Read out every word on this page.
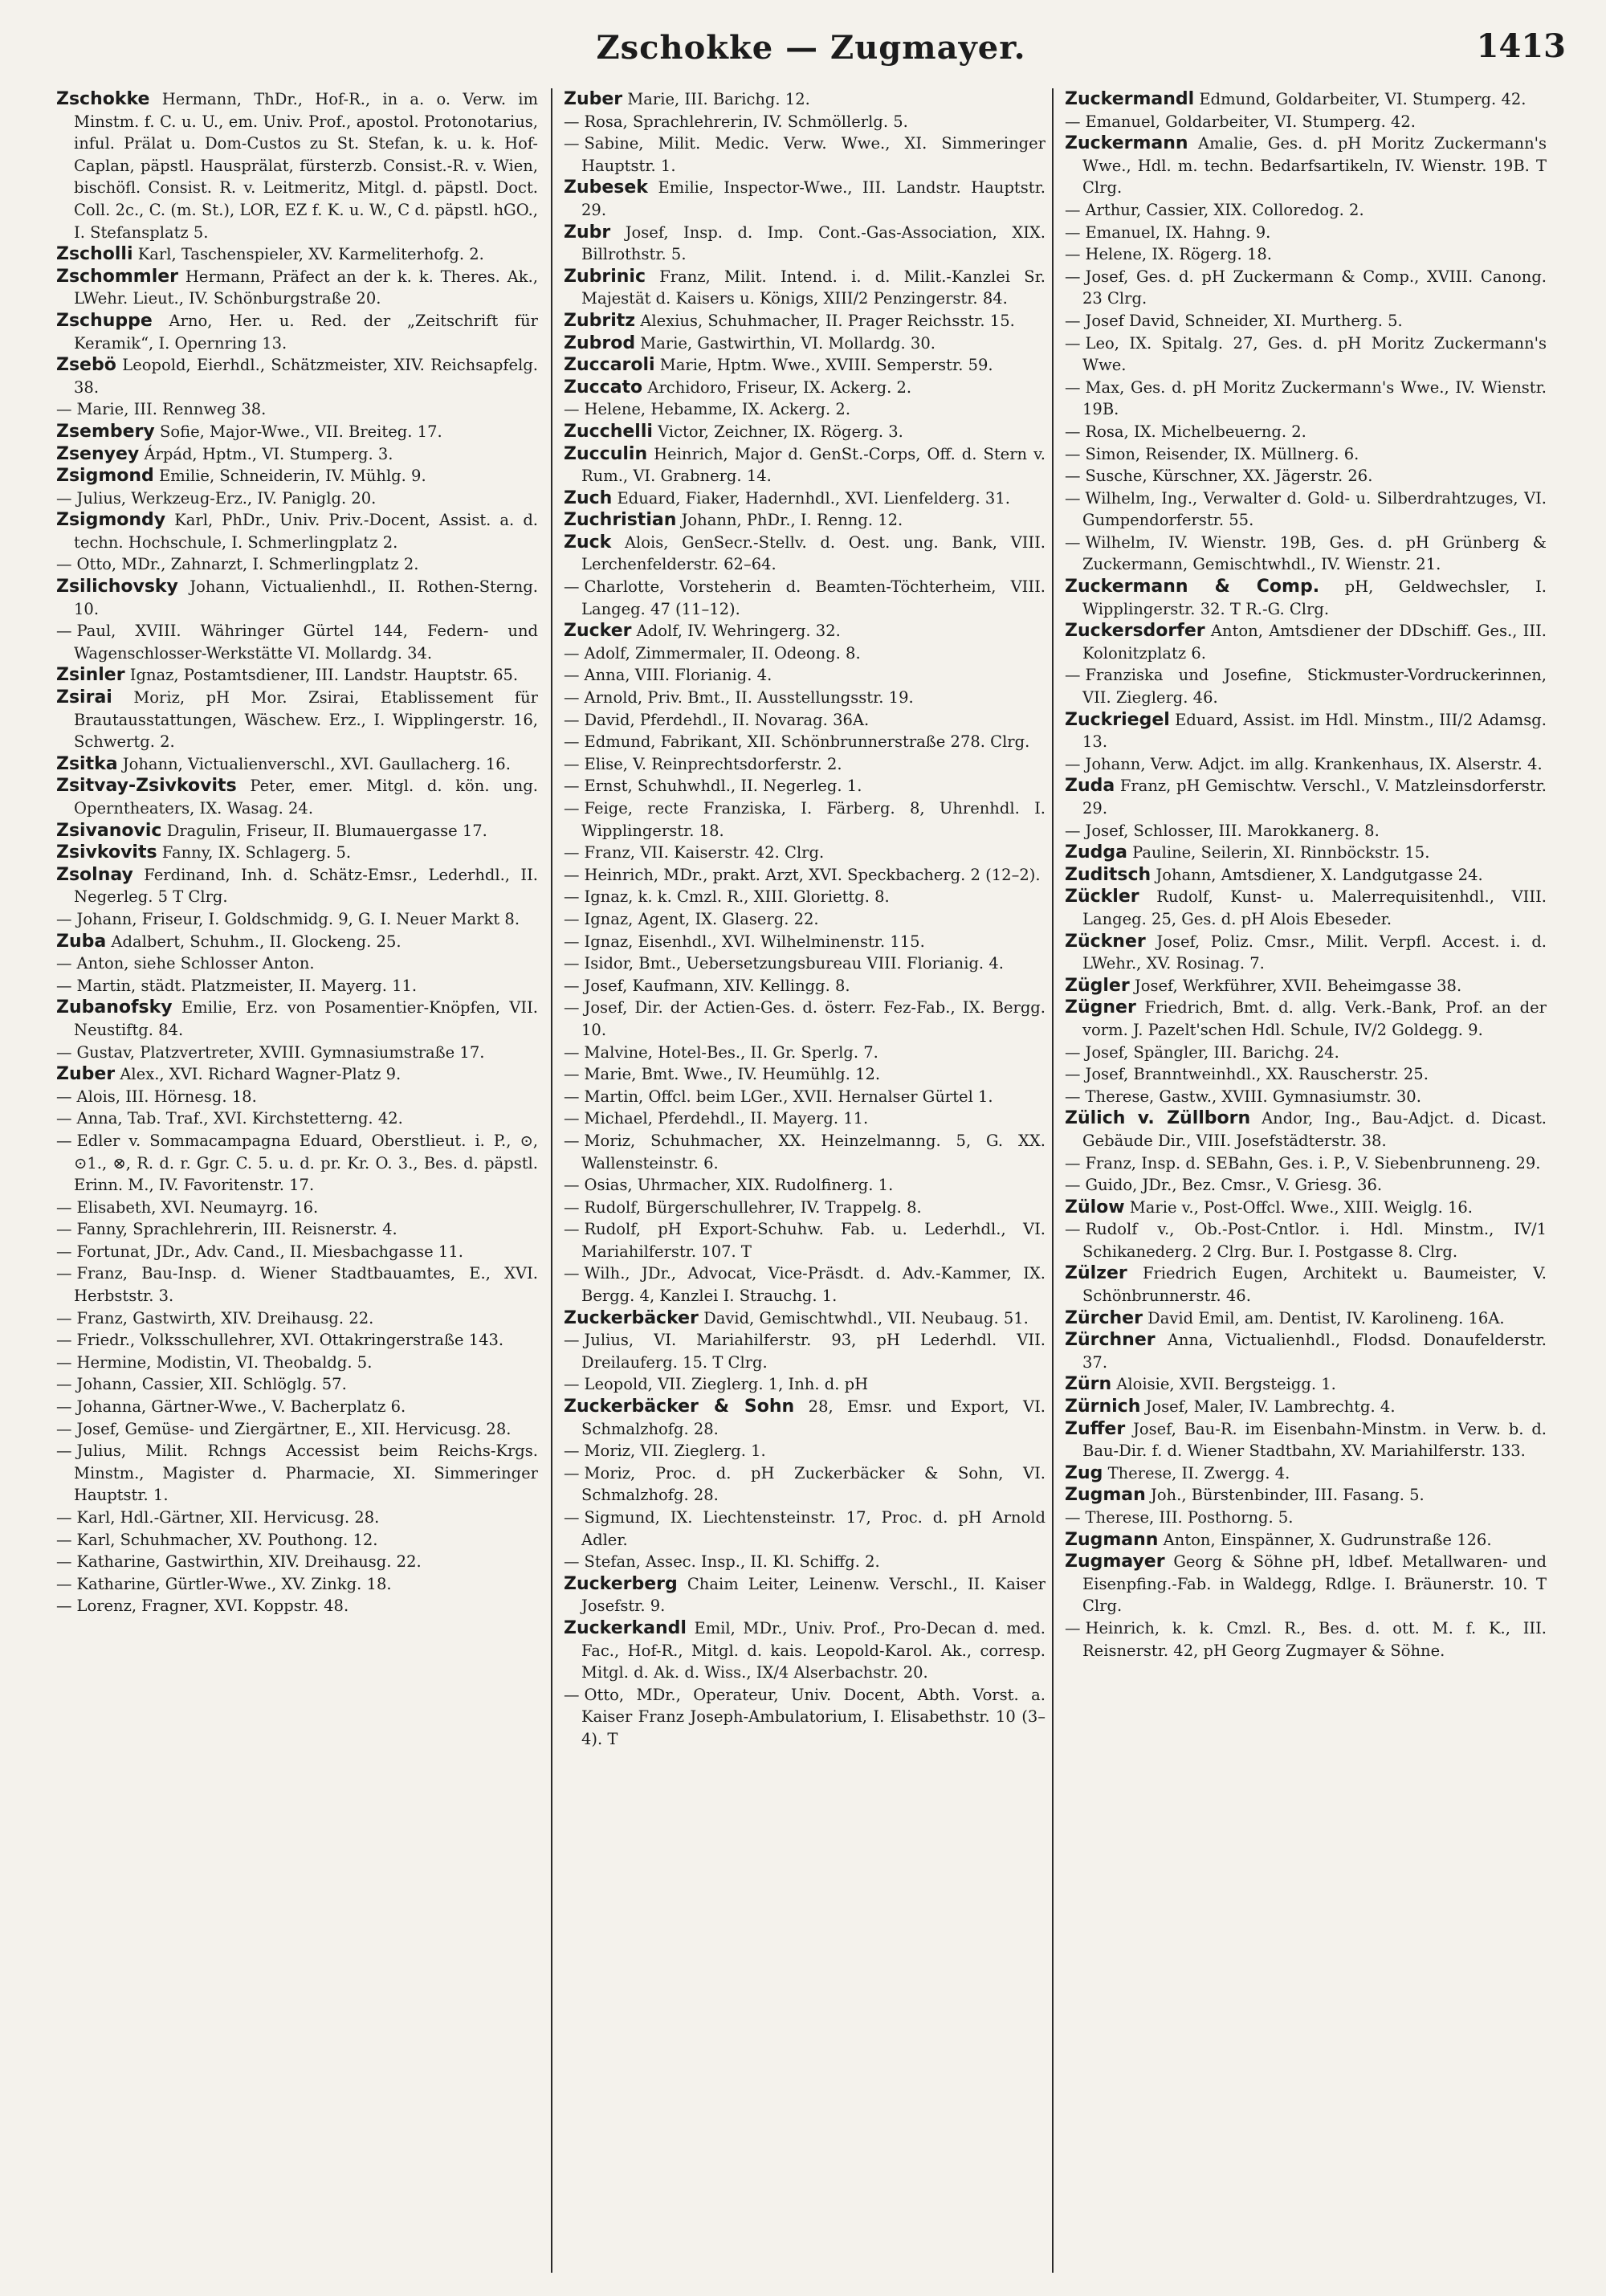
Zschokke — Zugmayer.	1413
Zschokke Hermann, ThDr., Hof-R., in a. o. Verw. im Minstm. f. C. u. U., em. Univ. Prof., apostol. Protonotarius, inful. Prälat u. Dom-Custos zu St. Stefan, k. u. k. Hof-Caplan, päpstl. Hausprälat, fürsterzb. Consist.-R. v. Wien, bischöfl. Consist. R. v. Leitmeritz, Mitgl. d. päpstl. Doct. Coll. 2c., C. (m. St.), LOR, EZ f. K. u. W., C d. päpstl. hGO., I. Stefansplatz 5.
Zscholli Karl, Taschenspieler, XV. Karmeliterhofg. 2.
Zschommler Hermann, Präfect an der k. k. Theres. Ak., LWehr. Lieut., IV. Schönburgstraße 20.
Zschuppe Arno, Her. u. Red. der „Zeitschrift für Keramik“, I. Opernring 13.
Zsebö Leopold, Eierhdl., Schätzmeister, XIV. Reichsapfelg. 38.
— Marie, III. Rennweg 38.
Zsembery Sofie, Major-Wwe., VII. Breiteg. 17.
Zsenyey Árpád, Hptm., VI. Stumperg. 3.
Zsigmond Emilie, Schneiderin, IV. Mühlg. 9.
— Julius, Werkzeug-Erz., IV. Paniglg. 20.
Zsigmondy Karl, PhDr., Univ. Priv.-Docent, Assist. a. d. techn. Hochschule, I. Schmerlingplatz 2.
— Otto, MDr., Zahnarzt, I. Schmerlingplatz 2.
Zsilichovsky Johann, Victualienhdl., II. Rothen-Sterng. 10.
— Paul, XVIII. Währinger Gürtel 144, Federn- und Wagenschlosser-Werkstätte VI. Mollardg. 34.
Zsinler Ignaz, Postamtsdiener, III. Landstr. Hauptstr. 65.
Zsirai Moriz, pH Mor. Zsirai, Etablissement für Brautausstattungen, Wäschew. Erz., I. Wipplingerstr. 16, Schwertg. 2.
Zsitka Johann, Victualienverschl., XVI. Gaullacherg. 16.
Zsitvay-Zsivkovits Peter, emer. Mitgl. d. kön. ung. Operntheaters, IX. Wasag. 24.
Zsivanovic Dragulin, Friseur, II. Blumauergasse 17.
Zsivkovits Fanny, IX. Schlagerg. 5.
Zsolnay Ferdinand, Inh. d. Schätz-Emsr., Lederhdl., II. Negerleg. 5 T Clrg.
— Johann, Friseur, I. Goldschmidg. 9, G. I. Neuer Markt 8.
Zuba Adalbert, Schuhm., II. Glockeng. 25.
— Anton, siehe Schlosser Anton.
— Martin, städt. Platzmeister, II. Mayerg. 11.
Zubanofsky Emilie, Erz. von Posamentier-Knöpfen, VII. Neustiftg. 84.
— Gustav, Platzvertreter, XVIII. Gymnasiumstraße 17.
Zuber Alex., XVI. Richard Wagner-Platz 9.
— Alois, III. Hörnesg. 18.
— Anna, Tab. Traf., XVI. Kirchstetterng. 42.
— Edler v. Sommacampagna Eduard, Oberstlieut. i. P., ⊙, ⊙1., ⊗, R. d. r. Ggr. C. 5. u. d. pr. Kr. O. 3., Bes. d. päpstl. Erinn. M., IV. Favoritenstr. 17.
— Elisabeth, XVI. Neumayrg. 16.
— Fanny, Sprachlehrerin, III. Reisnerstr. 4.
— Fortunat, JDr., Adv. Cand., II. Miesbachgasse 11.
— Franz, Bau-Insp. d. Wiener Stadtbauamtes, E., XVI. Herbststr. 3.
— Franz, Gastwirth, XIV. Dreihausg. 22.
— Friedr., Volksschullehrer, XVI. Ottakringerstraße 143.
— Hermine, Modistin, VI. Theobaldg. 5.
— Johann, Cassier, XII. Schlöglg. 57.
— Johanna, Gärtner-Wwe., V. Bacherplatz 6.
— Josef, Gemüse- und Ziergärtner, E., XII. Hervicusg. 28.
— Julius, Milit. Rchngs Accessist beim Reichs-Krgs. Minstm., Magister d. Pharmacie, XI. Simmeringer Hauptstr. 1.
— Karl, Hdl.-Gärtner, XII. Hervicusg. 28.
— Karl, Schuhmacher, XV. Pouthong. 12.
— Katharine, Gastwirthin, XIV. Dreihausg. 22.
— Katharine, Gürtler-Wwe., XV. Zinkg. 18.
— Lorenz, Fragner, XVI. Koppstr. 48.
Zuber Marie, III. Barichg. 12.
— Rosa, Sprachlehrerin, IV. Schmöllerlg. 5.
— Sabine, Milit. Medic. Verw. Wwe., XI. Simmeringer Hauptstr. 1.
Zubesek Emilie, Inspector-Wwe., III. Landstr. Hauptstr. 29.
Zubr Josef, Insp. d. Imp. Cont.-Gas-Association, XIX. Billrothstr. 5.
Zubrinic Franz, Milit. Intend. i. d. Milit.-Kanzlei Sr. Majestät d. Kaisers u. Königs, XIII/2 Penzingerstr. 84.
Zubritz Alexius, Schuhmacher, II. Prager Reichsstr. 15.
Zubrod Marie, Gastwirthin, VI. Mollardg. 30.
Zuccaroli Marie, Hptm. Wwe., XVIII. Semperstr. 59.
Zuccato Archidoro, Friseur, IX. Ackerg. 2.
— Helene, Hebamme, IX. Ackerg. 2.
Zucchelli Victor, Zeichner, IX. Rögerg. 3.
Zucculin Heinrich, Major d. GenSt.-Corps, Off. d. Stern v. Rum., VI. Grabnerg. 14.
Zuch Eduard, Fiaker, Hadernhdl., XVI. Lienfelderg. 31.
Zuchristian Johann, PhDr., I. Renng. 12.
Zuck Alois, GenSecr.-Stellv. d. Oest. ung. Bank, VIII. Lerchenfelderstr. 62–64.
— Charlotte, Vorsteherin d. Beamten-Töchterheim, VIII. Langeg. 47 (11–12).
Zucker Adolf, IV. Wehringerg. 32.
— Adolf, Zimmermaler, II. Odeong. 8.
— Anna, VIII. Florianig. 4.
— Arnold, Priv. Bmt., II. Ausstellungsstr. 19.
— David, Pferdehdl., II. Novarag. 36A.
— Edmund, Fabrikant, XII. Schönbrunnerstraße 278. Clrg.
— Elise, V. Reinprechtsdorferstr. 2.
— Ernst, Schuhwhdl., II. Negerleg. 1.
— Feige, recte Franziska, I. Färberg. 8, Uhrenhdl. I. Wipplingerstr. 18.
— Franz, VII. Kaiserstr. 42. Clrg.
— Heinrich, MDr., prakt. Arzt, XVI. Speckbacherg. 2 (12–2).
— Ignaz, k. k. Cmzl. R., XIII. Gloriettg. 8.
— Ignaz, Agent, IX. Glaserg. 22.
— Ignaz, Eisenhdl., XVI. Wilhelminenstr. 115.
— Isidor, Bmt., Uebersetzungsbureau VIII. Florianig. 4.
— Josef, Kaufmann, XIV. Kellingg. 8.
— Josef, Dir. der Actien-Ges. d. österr. Fez-Fab., IX. Bergg. 10.
— Malvine, Hotel-Bes., II. Gr. Sperlg. 7.
— Marie, Bmt. Wwe., IV. Heumühlg. 12.
— Martin, Offcl. beim LGer., XVII. Hernalser Gürtel 1.
— Michael, Pferdehdl., II. Mayerg. 11.
— Moriz, Schuhmacher, XX. Heinzelmanng. 5, G. XX. Wallensteinstr. 6.
— Osias, Uhrmacher, XIX. Rudolfinerg. 1.
— Rudolf, Bürgerschullehrer, IV. Trappelg. 8.
— Rudolf, pH Export-Schuhw. Fab. u. Lederhdl., VI. Mariahilferstr. 107. T
— Wilh., JDr., Advocat, Vice-Präsdt. d. Adv.-Kammer, IX. Bergg. 4, Kanzlei I. Strauchg. 1.
Zuckerbäcker David, Gemischtwhdl., VII. Neubaug. 51.
— Julius, VI. Mariahilferstr. 93, pH Lederhdl. VII. Dreilauferg. 15. T Clrg.
— Leopold, VII. Zieglerg. 1, Inh. d. pH
Zuckerbäcker & Sohn 28, Emsr. und Export, VI. Schmalzhofg. 28.
— Moriz, VII. Zieglerg. 1.
— Moriz, Proc. d. pH Zuckerbäcker & Sohn, VI. Schmalzhofg. 28.
— Sigmund, IX. Liechtensteinstr. 17, Proc. d. pH Arnold Adler.
— Stefan, Assec. Insp., II. Kl. Schiffg. 2.
Zuckerberg Chaim Leiter, Leinenw. Verschl., II. Kaiser Josefstr. 9.
Zuckerkandl Emil, MDr., Univ. Prof., Pro-Decan d. med. Fac., Hof-R., Mitgl. d. kais. Leopold-Karol. Ak., corresp. Mitgl. d. Ak. d. Wiss., IX/4 Alserbachstr. 20.
— Otto, MDr., Operateur, Univ. Docent, Abth. Vorst. a. Kaiser Franz Joseph-Ambulatorium, I. Elisabethstr. 10 (3–4). T
Zuckermandl Edmund, Goldarbeiter, VI. Stumperg. 42.
— Emanuel, Goldarbeiter, VI. Stumperg. 42.
Zuckermann Amalie, Ges. d. pH Moritz Zuckermann's Wwe., Hdl. m. techn. Bedarfsartikeln, IV. Wienstr. 19B. T Clrg.
— Arthur, Cassier, XIX. Colloredog. 2.
— Emanuel, IX. Hahng. 9.
— Helene, IX. Rögerg. 18.
— Josef, Ges. d. pH Zuckermann & Comp., XVIII. Canong. 23 Clrg.
— Josef David, Schneider, XI. Murtherg. 5.
— Leo, IX. Spitalg. 27, Ges. d. pH Moritz Zuckermann's Wwe.
— Max, Ges. d. pH Moritz Zuckermann's Wwe., IV. Wienstr. 19B.
— Rosa, IX. Michelbeuerng. 2.
— Simon, Reisender, IX. Müllnerg. 6.
— Susche, Kürschner, XX. Jägerstr. 26.
— Wilhelm, Ing., Verwalter d. Gold- u. Silberdrahtzuges, VI. Gumpendorferstr. 55.
— Wilhelm, IV. Wienstr. 19B, Ges. d. pH Grünberg & Zuckermann, Gemischtwhdl., IV. Wienstr. 21.
Zuckermann & Comp. pH, Geldwechsler, I. Wipplingerstr. 32. T R.-G. Clrg.
Zuckersdorfer Anton, Amtsdiener der DDschiff. Ges., III. Kolonitzplatz 6.
— Franziska und Josefine, Stickmuster-Vordruckerinnen, VII. Zieglerg. 46.
Zuckriegel Eduard, Assist. im Hdl. Minstm., III/2 Adamsg. 13.
— Johann, Verw. Adjct. im allg. Krankenhaus, IX. Alserstr. 4.
Zuda Franz, pH Gemischtw. Verschl., V. Matzleinsdorferstr. 29.
— Josef, Schlosser, III. Marokkanerg. 8.
Zudga Pauline, Seilerin, XI. Rinnböckstr. 15.
Zuditsch Johann, Amtsdiener, X. Landgutgasse 24.
Zückler Rudolf, Kunst- u. Malerrequisitenhdl., VIII. Langeg. 25, Ges. d. pH Alois Ebeseder.
Zückner Josef, Poliz. Cmsr., Milit. Verpfl. Accest. i. d. LWehr., XV. Rosinag. 7.
Zügler Josef, Werkführer, XVII. Beheimgasse 38.
Zügner Friedrich, Bmt. d. allg. Verk.-Bank, Prof. an der vorm. J. Pazelt'schen Hdl. Schule, IV/2 Goldegg. 9.
— Josef, Spängler, III. Barichg. 24.
— Josef, Branntweinhdl., XX. Rauscherstr. 25.
— Therese, Gastw., XVIII. Gymnasiumstr. 30.
Zülich v. Züllborn Andor, Ing., Bau-Adjct. d. Dicast. Gebäude Dir., VIII. Josefstädterstr. 38.
— Franz, Insp. d. SEBahn, Ges. i. P., V. Siebenbrunneng. 29.
— Guido, JDr., Bez. Cmsr., V. Griesg. 36.
Zülow Marie v., Post-Offcl. Wwe., XIII. Weiglg. 16.
— Rudolf v., Ob.-Post-Cntlor. i. Hdl. Minstm., IV/1 Schikanederg. 2 Clrg. Bur. I. Postgasse 8. Clrg.
Zülzer Friedrich Eugen, Architekt u. Baumeister, V. Schönbrunnerstr. 46.
Zürcher David Emil, am. Dentist, IV. Karolineng. 16A.
Zürchner Anna, Victualienhdl., Flodsd. Donaufelderstr. 37.
Zürn Aloisie, XVII. Bergsteigg. 1.
Zürnich Josef, Maler, IV. Lambrechtg. 4.
Zuffer Josef, Bau-R. im Eisenbahn-Minstm. in Verw. b. d. Bau-Dir. f. d. Wiener Stadtbahn, XV. Mariahilferstr. 133.
Zug Therese, II. Zwergg. 4.
Zugman Joh., Bürstenbinder, III. Fasang. 5.
— Therese, III. Posthorng. 5.
Zugmann Anton, Einspänner, X. Gudrunstraße 126.
Zugmayer Georg & Söhne pH, ldbef. Metallwaren- und Eisenpfing.-Fab. in Waldegg, Rdlge. I. Bräunerstr. 10. T Clrg.
— Heinrich, k. k. Cmzl. R., Bes. d. ott. M. f. K., III. Reisnerstr. 42, pH Georg Zugmayer & Söhne.
